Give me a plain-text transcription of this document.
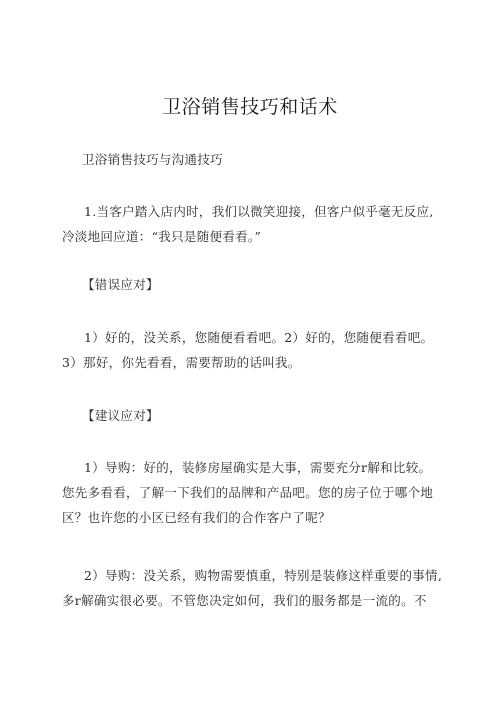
卫浴销售技巧和话术
卫浴销售技巧与沟通技巧
1.当客户踏入店内时，我们以微笑迎接，但客户似乎毫无反应,冷淡地回应道：“我只是随便看看。”
【错误应对】
1）好的，没关系，您随便看看吧。2）好的，您随便看看吧。3）那好，你先看看，需要帮助的话叫我。
【建议应对】
1）导购：好的，装修房屋确实是大事，需要充分r解和比较。您先多看看，了解一下我们的品牌和产品吧。您的房子位于哪个地区？也许您的小区已经有我们的合作客户了呢？
2）导购：没关系，购物需要慎重，特别是装修这样重要的事情,多r解确实很必要。不管您决定如何，我们的服务都是一流的。不
